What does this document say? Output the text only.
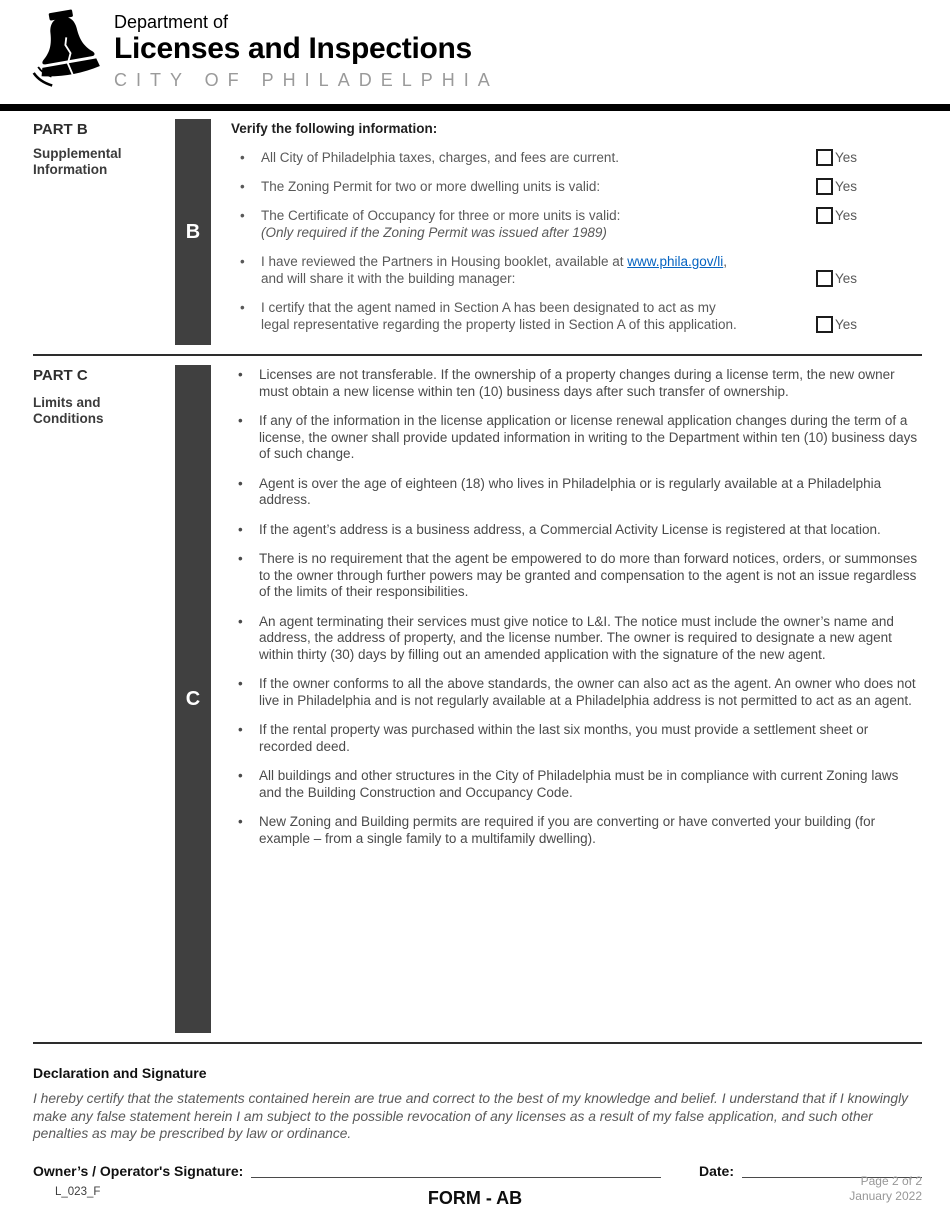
Department of
Licenses and Inspections
CITY OF PHILADELPHIA
PART B
Supplemental Information
B
Verify the following information:
• All City of Philadelphia taxes, charges, and fees are current.	Yes
• The Zoning Permit for two or more dwelling units is valid:	Yes
• The Certificate of Occupancy for three or more units is valid:
(Only required if the Zoning Permit was issued after 1989)
Yes
• I have reviewed the Partners in Housing booklet, available at www.phila.gov/li,
and will share it with the building manager:	Yes
• I certify that the agent named in Section A has been designated to act as my
legal representative regarding the property listed in Section A of this application.	Yes
PART C
Limits and Conditions
C
• Licenses are not transferable. If the ownership of a property changes during a license term, the new owner must obtain a new license within ten (10) business days after such transfer of ownership.
• If any of the information in the license application or license renewal application changes during the term of a license, the owner shall provide updated information in writing to the Department within ten (10) business days of such change.
• Agent is over the age of eighteen (18) who lives in Philadelphia or is regularly available at a Philadelphia address.
• If the agent’s address is a business address, a Commercial Activity License is registered at that location.
• There is no requirement that the agent be empowered to do more than forward notices, orders, or summonses to the owner through further powers may be granted and compensation to the agent is not an issue regardless of the limits of their responsibilities.
• An agent terminating their services must give notice to L&I. The notice must include the owner’s name and address, the address of property, and the license number. The owner is required to designate a new agent within thirty (30) days by filling out an amended application with the signature of the new agent.
• If the owner conforms to all the above standards, the owner can also act as the agent. An owner who does not live in Philadelphia and is not regularly available at a Philadelphia address is not permitted to act as an agent.
• If the rental property was purchased within the last six months, you must provide a settlement sheet or recorded deed.
• All buildings and other structures in the City of Philadelphia must be in compliance with current Zoning laws and the Building Construction and Occupancy Code.
• New Zoning and Building permits are required if you are converting or have converted your building (for example – from a single family to a multifamily dwelling).
Declaration and Signature
I hereby certify that the statements contained herein are true and correct to the best of my knowledge and belief. I understand that if I knowingly make any false statement herein I am subject to the possible revocation of any licenses as a result of my false application, and such other penalties as may be prescribed by law or ordinance.
Owner’s / Operator's Signature:	Date:
L_023_F	FORM - AB
Page 2 of 2
January 2022
